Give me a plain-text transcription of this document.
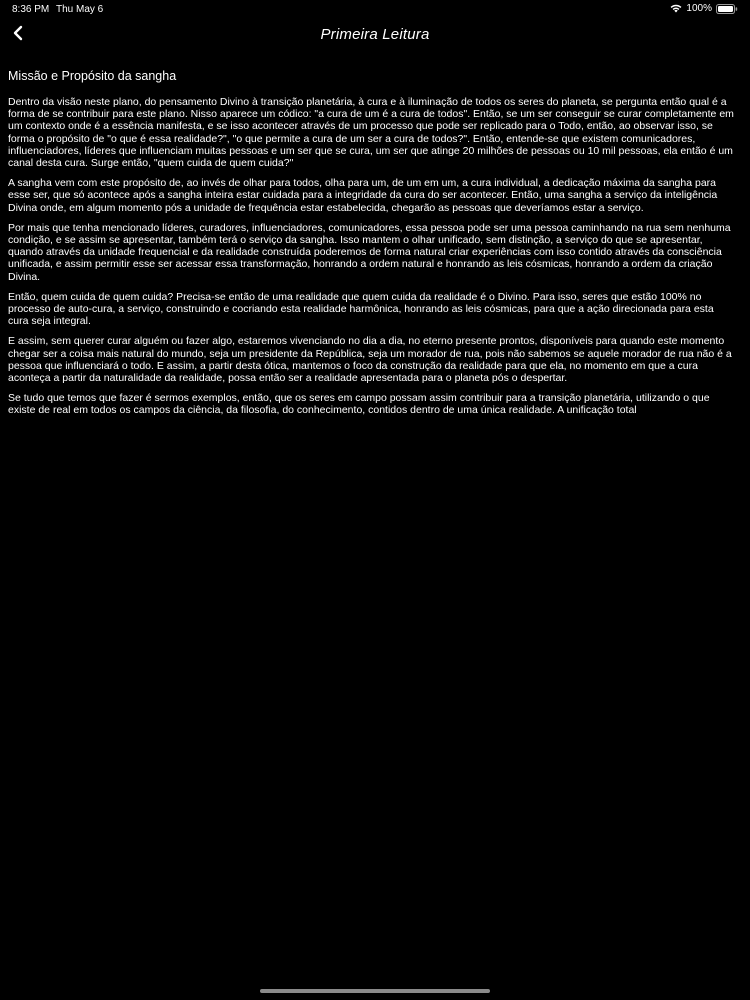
8:36 PM Thu May 6	100%
Primeira Leitura
Missão e Propósito da sangha

Dentro da visão neste plano, do pensamento Divino à transição planetária, à cura e à iluminação de todos os seres do planeta, se pergunta então qual é a forma de se contribuir para este plano. Nisso aparece um códico: "a cura de um é a cura de todos". Então, se um ser conseguir se curar completamente em um contexto onde é a essência manifesta, e se isso acontecer através de um processo que pode ser replicado para o Todo, então, ao observar isso, se forma o propósito de "o que é essa realidade?", "o que permite a cura de um ser a cura de todos?". Então, entende-se que existem comunicadores, influenciadores, líderes que influenciam muitas pessoas e um ser que se cura, um ser que atinge 20 milhões de pessoas ou 10 mil pessoas, ela então é um canal desta cura. Surge então, "quem cuida de quem cuida?"

A sangha vem com este propósito de, ao invés de olhar para todos, olha para um, de um em um, a cura individual, a dedicação máxima da sangha para esse ser, que só acontece após a sangha inteira estar cuidada para a integridade da cura do ser acontecer. Então, uma sangha a serviço da inteligência Divina onde, em algum momento pós a unidade de frequência estar estabelecida, chegarão as pessoas que deveríamos estar a serviço.

Por mais que tenha mencionado líderes, curadores, influenciadores, comunicadores, essa pessoa pode ser uma pessoa caminhando na rua sem nenhuma condição, e se assim se apresentar, também terá o serviço da sangha. Isso mantem o olhar unificado, sem distinção, a serviço do que se apresentar, quando através da unidade frequencial e da realidade construída poderemos de forma natural criar experiências com isso contido através da consciência unificada, e assim permitir esse ser acessar essa transformação, honrando a ordem natural e honrando as leis cósmicas, honrando a ordem da criação Divina.

Então, quem cuida de quem cuida? Precisa-se então de uma realidade que quem cuida da realidade é o Divino. Para isso, seres que estão 100% no processo de auto-cura, a serviço, construindo e cocriando esta realidade harmônica, honrando as leis cósmicas, para que a ação direcionada para esta cura seja integral.

E assim, sem querer curar alguém ou fazer algo, estaremos vivenciando no dia a dia, no eterno presente prontos, disponíveis para quando este momento chegar ser a coisa mais natural do mundo, seja um presidente da República, seja um morador de rua, pois não sabemos se aquele morador de rua não é a pessoa que influenciará o todo. E assim, a partir desta ótica, mantemos o foco da construção da realidade para que ela, no momento em que a cura aconteça a partir da naturalidade da realidade, possa então ser a realidade apresentada para o planeta pós o despertar.

Se tudo que temos que fazer é sermos exemplos, então, que os seres em campo possam assim contribuir para a transição planetária, utilizando o que existe de real em todos os campos da ciência, da filosofia, do conhecimento, contidos dentro de uma única realidade. A unificação total
